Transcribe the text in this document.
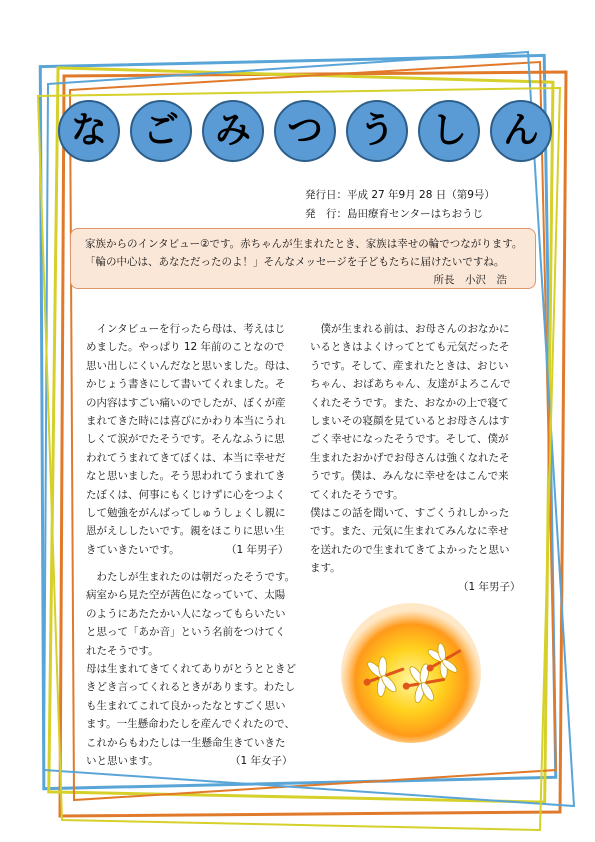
な ご み つ う し ん
発行日：平成 27 年9月 28 日（第9号）
発　行：島田療育センターはちおうじ

家族からのインタビュー②です。赤ちゃんが生まれたとき、家族は幸せの輪でつながります。

「輪の中心は、あなただったのよ！」そんなメッセージを子どもたちに届けたいですね。

所長　小沢　浩

　インタビューを行ったら母は、考えはじ

めました。やっぱり 12 年前のことなので

思い出しにくいんだなと思いました。母は、

かじょう書きにして書いてくれました。そ

の内容はすごい痛いのでしたが、ぼくが産

まれてきた時には喜びにかわり本当にうれ

しくて涙がでたそうです。そんなふうに思

われてうまれてきてぼくは、本当に幸せだ

なと思いました。そう思われてうまれてき

たぼくは、何事にもくじけずに心をつよく

して勉強をがんばってしゅうしょくし親に

恩がえししたいです。親をほこりに思い生

きていきたいです。	（1 年男子）

　わたしが生まれたのは朝だったそうです。

病室から見た空が茜色になっていて、太陽

のようにあたたかい人になってもらいたい

と思って「あか音」という名前をつけてく

れたそうです。

母は生まれてきてくれてありがとうとときど

きどき言ってくれるときがあります。わたし

も生まれてこれて良かったなとすごく思い

ます。一生懸命わたしを産んでくれたので、

これからもわたしは一生懸命生きていきた

いと思います。	（1 年女子）

　僕が生まれる前は、お母さんのおなかに

いるときはよくけってとても元気だったそ

うです。そして、産まれたときは、おじい

ちゃん、おばあちゃん、友達がよろこんで

くれたそうです。また、おなかの上で寝て

しまいその寝顔を見ているとお母さんはす

ごく幸せになったそうです。そして、僕が

生まれたおかげでお母さんは強くなれたそ

うです。僕は、みんなに幸せをはこんで来

てくれたそうです。

僕はこの話を聞いて、すごくうれしかった

です。また、元気に生まれてみんなに幸せ

を送れたので生まれてきてよかったと思い

ます。

（1 年男子）
